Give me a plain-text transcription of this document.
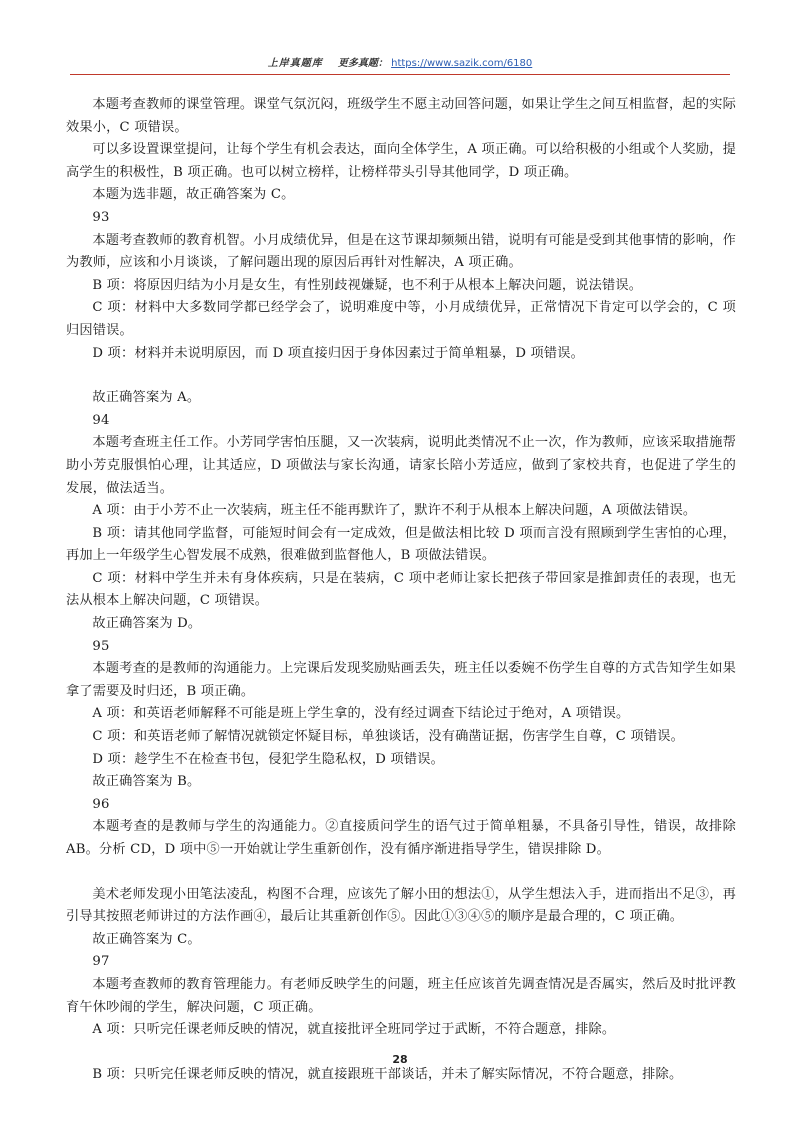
上岸真题库 更多真题： https://www.sazik.com/6180

本题考查教师的课堂管理。课堂气氛沉闷，班级学生不愿主动回答问题，如果让学生之间互相监督，起的实际效果小，C 项错误。

可以多设置课堂提问，让每个学生有机会表达，面向全体学生，A 项正确。可以给积极的小组或个人奖励，提高学生的积极性，B 项正确。也可以树立榜样，让榜样带头引导其他同学，D 项正确。

本题为选非题，故正确答案为 C。

93

本题考查教师的教育机智。小月成绩优异，但是在这节课却频频出错，说明有可能是受到其他事情的影响，作为教师，应该和小月谈谈，了解问题出现的原因后再针对性解决，A 项正确。

B 项：将原因归结为小月是女生，有性别歧视嫌疑，也不利于从根本上解决问题，说法错误。

C 项：材料中大多数同学都已经学会了，说明难度中等，小月成绩优异，正常情况下肯定可以学会的，C 项归因错误。

D 项：材料并未说明原因，而 D 项直接归因于身体因素过于简单粗暴，D 项错误。

故正确答案为 A。

94

本题考查班主任工作。小芳同学害怕压腿，又一次装病，说明此类情况不止一次，作为教师，应该采取措施帮助小芳克服惧怕心理，让其适应，D 项做法与家长沟通，请家长陪小芳适应，做到了家校共育，也促进了学生的发展，做法适当。

A 项：由于小芳不止一次装病，班主任不能再默许了，默许不利于从根本上解决问题，A 项做法错误。

B 项：请其他同学监督，可能短时间会有一定成效，但是做法相比较 D 项而言没有照顾到学生害怕的心理，再加上一年级学生心智发展不成熟，很难做到监督他人，B 项做法错误。

C 项：材料中学生并未有身体疾病，只是在装病，C 项中老师让家长把孩子带回家是推卸责任的表现，也无法从根本上解决问题，C 项错误。

故正确答案为 D。

95

本题考查的是教师的沟通能力。上完课后发现奖励贴画丢失，班主任以委婉不伤学生自尊的方式告知学生如果拿了需要及时归还，B 项正确。

A 项：和英语老师解释不可能是班上学生拿的，没有经过调查下结论过于绝对，A 项错误。

C 项：和英语老师了解情况就锁定怀疑目标，单独谈话，没有确凿证据，伤害学生自尊，C 项错误。

D 项：趁学生不在检查书包，侵犯学生隐私权，D 项错误。

故正确答案为 B。

96

本题考查的是教师与学生的沟通能力。②直接质问学生的语气过于简单粗暴，不具备引导性，错误，故排除 AB。分析 CD，D 项中⑤一开始就让学生重新创作，没有循序渐进指导学生，错误排除 D。

美术老师发现小田笔法凌乱，构图不合理，应该先了解小田的想法①，从学生想法入手，进而指出不足③，再引导其按照老师讲过的方法作画④，最后让其重新创作⑤。因此①③④⑤的顺序是最合理的，C 项正确。

故正确答案为 C。

97

本题考查教师的教育管理能力。有老师反映学生的问题，班主任应该首先调查情况是否属实，然后及时批评教育午休吵闹的学生，解决问题，C 项正确。

A 项：只听完任课老师反映的情况，就直接批评全班同学过于武断，不符合题意，排除。

B 项：只听完任课老师反映的情况，就直接跟班干部谈话，并未了解实际情况，不符合题意，排除。

28
